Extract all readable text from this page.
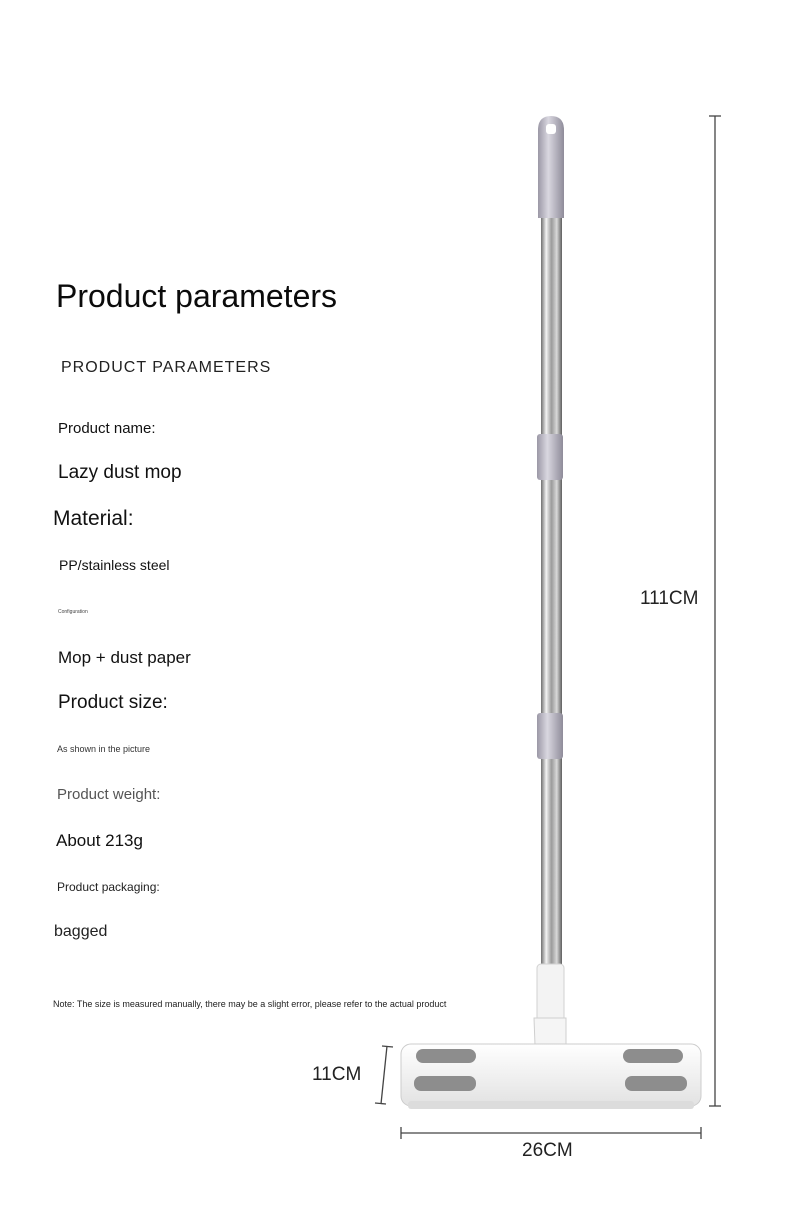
Product parameters
PRODUCT PARAMETERS
Product name:
Lazy dust mop
Material:
PP/stainless steel
Configuration
Mop + dust paper
Product size:
As shown in the picture
Product weight:
About 213g
Product packaging:
bagged
Note: The size is measured manually, there may be a slight error, please refer to the actual product
111CM
11CM
26CM
